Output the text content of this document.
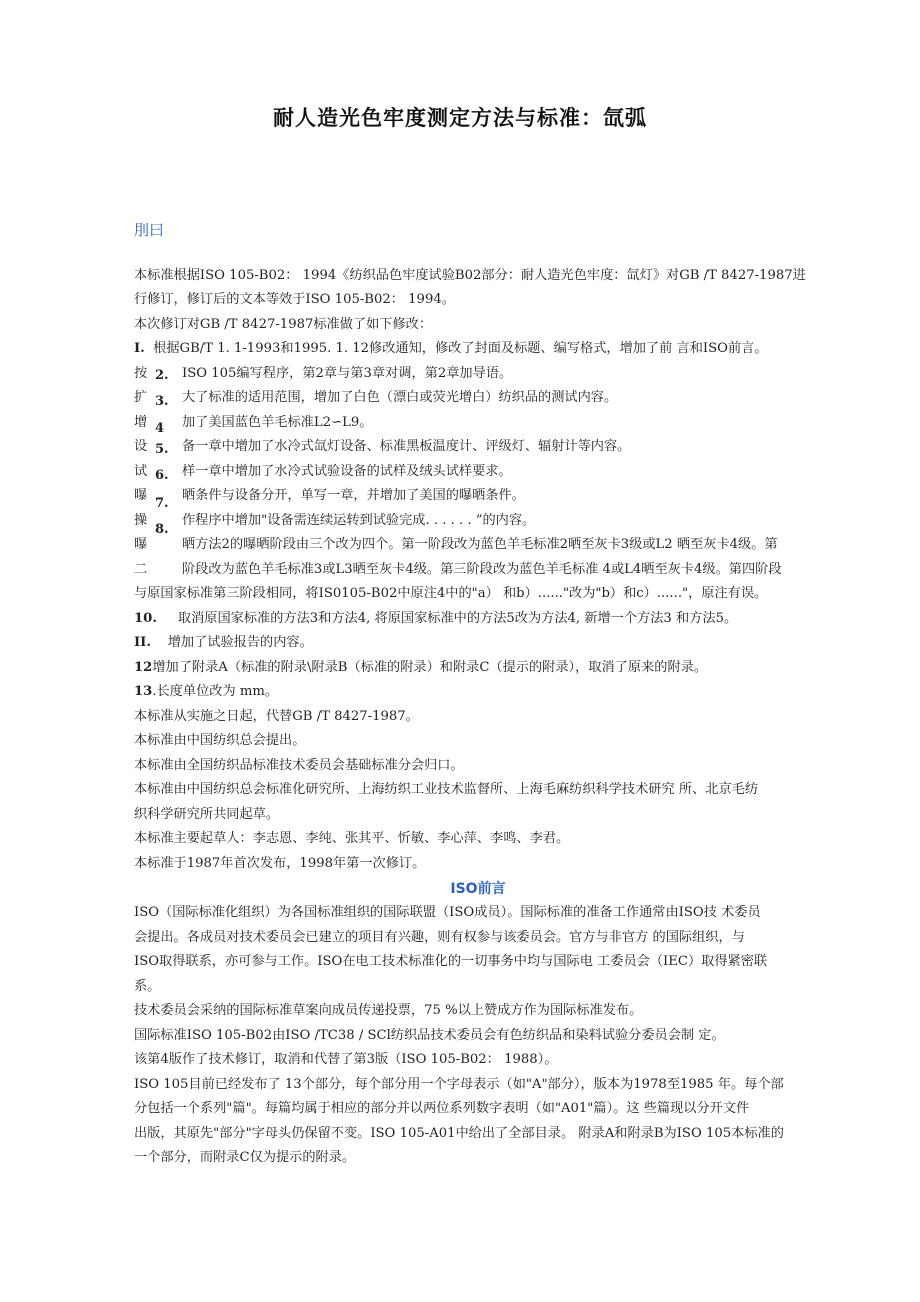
耐人造光色牢度测定方法与标准：氙弧
刖曰
本标准根据ISO 105-B02： 1994《纺织品色牢度试验B02部分：耐人造光色牢度：氙灯》对GB /T 8427-1987进
行修订，修订后的文本等效于ISO 105-B02： 1994。
本次修订对GB /T 8427-1987标准做了如下修改：
I. 根据GB/T 1. 1-1993和1995. 1. 12修改通知，修改了封面及标题、编写格式，增加了前 言和ISO前言。
按 2. ISO 105编写程序，第2章与第3章对调，第2章加导语。
扩 3. 大了标准的适用范围，增加了白色（漂白或荧光增白）纺织品的测试内容。
增 4 加了美国蓝色羊毛标准L2∽L9。
设 5. 备一章中增加了水冷式氙灯设备、标准黑板温度计、评级灯、辐射计等内容。
试 6. 样一章中增加了水冷式试验设备的试样及绒头试样要求。
曝
7.
晒条件与设备分开，单写一章，并增加了美国的曝晒条件。
操
8.
作程序中增加"设备需连续运转到试验完成. . . . . . ”的内容。
曝	晒方法2的曝晒阶段由三个改为四个。第一阶段改为蓝色羊毛标准2晒至灰卡3级或L2 晒至灰卡4级。第
二	阶段改为蓝色羊毛标准3或L3晒至灰卡4级。第三阶段改为蓝色羊毛标准 4或L4晒至灰卡4级。第四阶段
与原国家标准第三阶段相同，将IS0105-B02中原注4中的"a） 和b）......"改为"b）和c）......"，原注有误。
10. 取消原国家标准的方法3和方法4, 将原国家标准中的方法5改为方法4, 新增一个方法3 和方法5。
II. 增加了试验报告的内容。
12增加了附录A（标准的附录\附录B（标准的附录）和附录C（提示的附录），取消了原来的附录。
13.长度单位改为 mm。
本标准从实施之日起，代替GB /T 8427-1987。
本标准由中国纺织总会提出。
本标准由全国纺织品标准技术委员会基础标准分会归口。
本标准由中国纺织总会标准化研究所、上海纺织工业技术监督所、上海毛麻纺织科学技术研究 所、北京毛纺
织科学研究所共同起草。
本标准主要起草人：李志恩、李纯、张其平、忻敏、李心萍、李鸣、李君。
本标准于1987年首次发布，1998年第一次修订。
ISO前言
ISO（国际标准化组织）为各国标准组织的国际联盟（ISO成员）。国际标准的准备工作通常由ISO技 术委员
会提出。各成员对技术委员会已建立的项目有兴趣，则有权参与该委员会。官方与非官方 的国际组织，与
ISO取得联系，亦可参与工作。ISO在电工技术标准化的一切事务中均与国际电 工委员会（IEC）取得紧密联
系。
技术委员会采纳的国际标准草案向成员传递投票，75 %以上赞成方作为国际标准发布。
国际标准ISO 105-B02由ISO /TC38 / SCl纺织品技术委员会有色纺织品和染料试验分委员会制 定。
该第4版作了技术修订，取消和代替了第3版（ISO 105-B02： 1988）。
ISO 105目前已经发布了 13个部分，每个部分用一个字母表示（如"A"部分），版本为1978至1985 年。每个部
分包括一个系列"篇"。每篇均属于相应的部分并以两位系列数字表明（如"A01"篇）。这 些篇现以分开文件
出版，其原先"部分"字母头仍保留不变。ISO 105-A01中给出了全部目录。 附录A和附录B为ISO 105本标准的
一个部分，而附录C仅为提示的附录。
